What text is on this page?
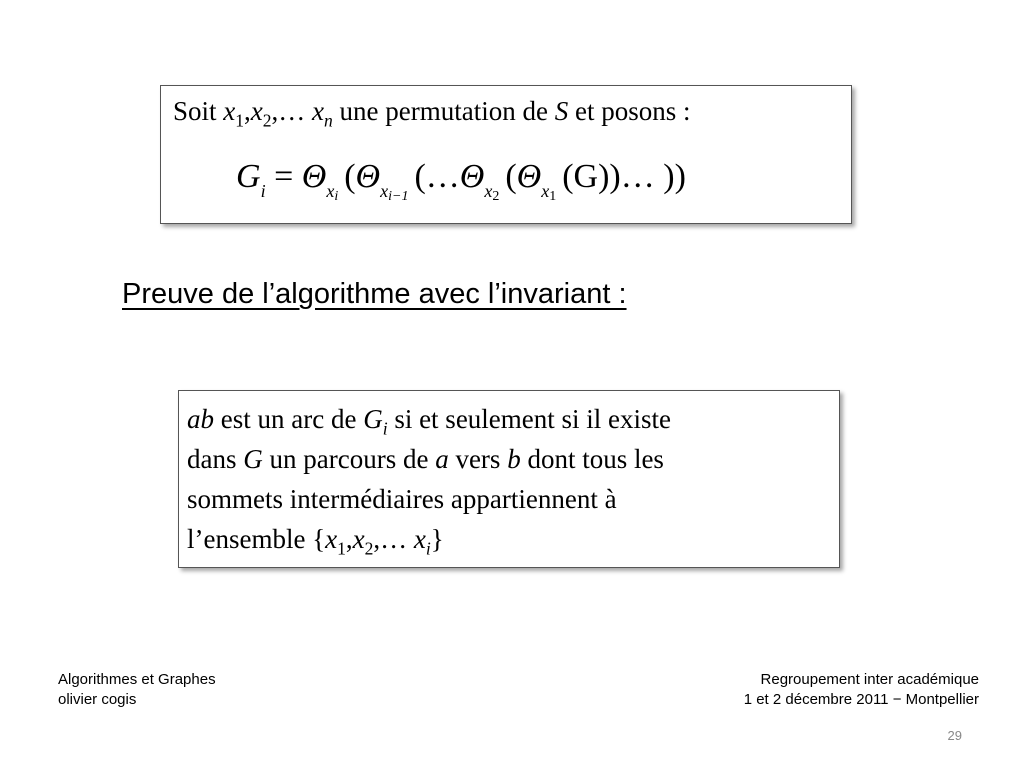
Soit $x_1,x_2,\dots$ $x_n$ une permutation de S et posons :
$G_i$ = $\Theta_{x_i}(\Theta_{x_{i-1}}(\dots\Theta_{x_2}(\Theta_{x_1}(G))\dots$ ))
Preuve de l’algorithme avec l’invariant :
ab est un arc de $G_i$ si et seulement si il existe
dans G un parcours de a vers b dont tous les
sommets intermédiaires appartiennent à
l’ensemble {$x_1,x_2,\dots$ $x_i$}
Algorithmes et Graphes
olivier cogis
Regroupement inter académique
1 et 2 décembre 2011 − Montpellier
29
